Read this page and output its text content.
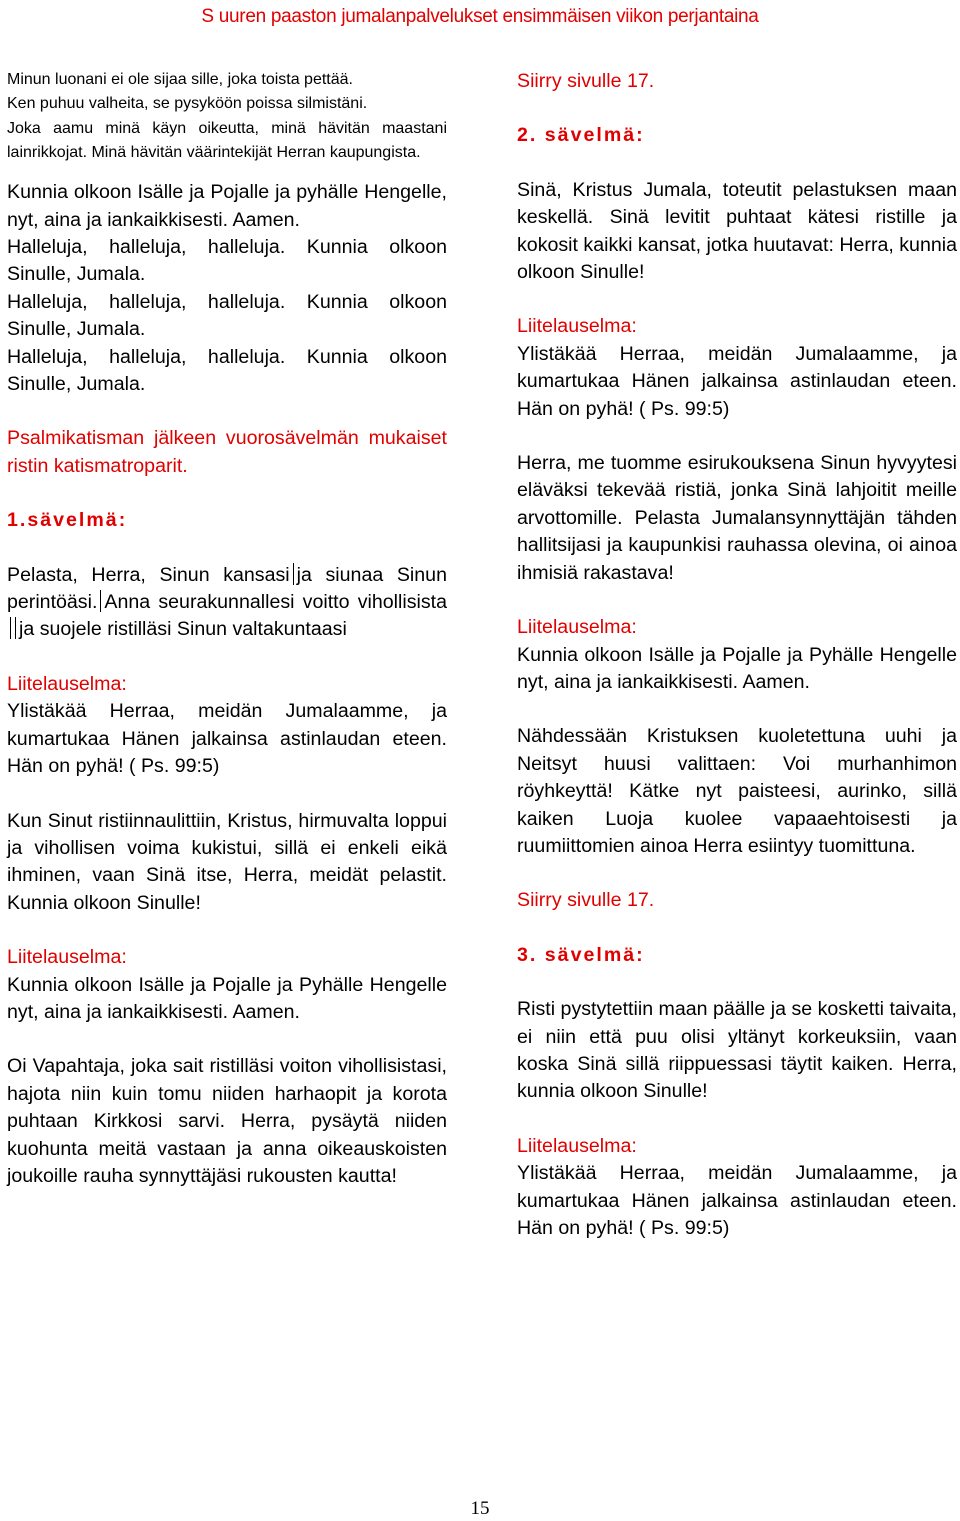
S uuren paaston jumalanpalvelukset ensimmäisen viikon perjantaina

Minun luonani ei ole sijaa sille, joka toista pettää.
Ken puhuu valheita, se pysyköön poissa silmistäni.
Joka aamu minä käyn oikeutta, minä hävitän maastani lainrikkojat. Minä hävitän väärintekijät Herran kaupungista.

Kunnia olkoon Isälle ja Pojalle ja pyhälle Hengelle, nyt, aina ja iankaikkisesti. Aamen.
Halleluja, halleluja, halleluja. Kunnia olkoon Sinulle, Jumala.
Halleluja, halleluja, halleluja. Kunnia olkoon Sinulle, Jumala.
Halleluja, halleluja, halleluja. Kunnia olkoon Sinulle, Jumala.

Psalmikatisman jälkeen vuorosävelmän mukaiset ristin katismatroparit.

1.sävelmä:

Pelasta, Herra, Sinun kansasi ja siunaa Sinun perintöäsi. Anna seurakunnallesi voitto vihollisistaja suojele ristilläsi Sinun valtakuntaasi

Liitelauselma:
Ylistäkää Herraa, meidän Jumalaamme, ja kumartukaa Hänen jalkainsa astinlaudan eteen. Hän on pyhä! ( Ps. 99:5)

Kun Sinut ristiinnaulittiin, Kristus, hirmuvalta loppui ja vihollisen voima kukistui, sillä ei enkeli eikä ihminen, vaan Sinä itse, Herra, meidät pelastit. Kunnia olkoon Sinulle!

Liitelauselma:
Kunnia olkoon Isälle ja Pojalle ja Pyhälle Hengelle nyt, aina ja iankaikkisesti. Aamen.

Oi Vapahtaja, joka sait ristilläsi voiton vihollisistasi, hajota niin kuin tomu niiden harhaopit ja korota puhtaan Kirkkosi sarvi. Herra, pysäytä niiden kuohunta meitä vastaan ja anna oikeauskoisten joukoille rauha synnyttäjäsi rukousten kautta!

Siirry sivulle 17.

2. sävelmä:

Sinä, Kristus Jumala, toteutit pelastuksen maan keskellä. Sinä levitit puhtaat kätesi ristille ja kokosit kaikki kansat, jotka huutavat: Herra, kunnia olkoon Sinulle!

Liitelauselma:
Ylistäkää Herraa, meidän Jumalaamme, ja kumartukaa Hänen jalkainsa astinlaudan eteen. Hän on pyhä! ( Ps. 99:5)

Herra, me tuomme esirukouksena Sinun hyvyytesi eläväksi tekevää ristiä, jonka Sinä lahjoitit meille arvottomille. Pelasta Jumalansynnyttäjän tähden hallitsijasi ja kaupunkisi rauhassa olevina, oi ainoa ihmisiä rakastava!

Liitelauselma:
Kunnia olkoon Isälle ja Pojalle ja Pyhälle Hengelle nyt, aina ja iankaikkisesti. Aamen.

Nähdessään Kristuksen kuoletettuna uuhi ja Neitsyt huusi valittaen: Voi murhanhimon röyhkeyttä! Kätke nyt paisteesi, aurinko, sillä kaiken Luoja kuolee vapaaehtoisesti ja ruumiittomien ainoa Herra esiintyy tuomittuna.

Siirry sivulle 17.

3. sävelmä:

Risti pystytettiin maan päälle ja se kosketti taivaita, ei niin että puu olisi yltänyt korkeuksiin, vaan koska Sinä sillä riippuessasi täytit kaiken. Herra, kunnia olkoon Sinulle!

Liitelauselma:
Ylistäkää Herraa, meidän Jumalaamme, ja kumartukaa Hänen jalkainsa astinlaudan eteen. Hän on pyhä! ( Ps. 99:5)

15
